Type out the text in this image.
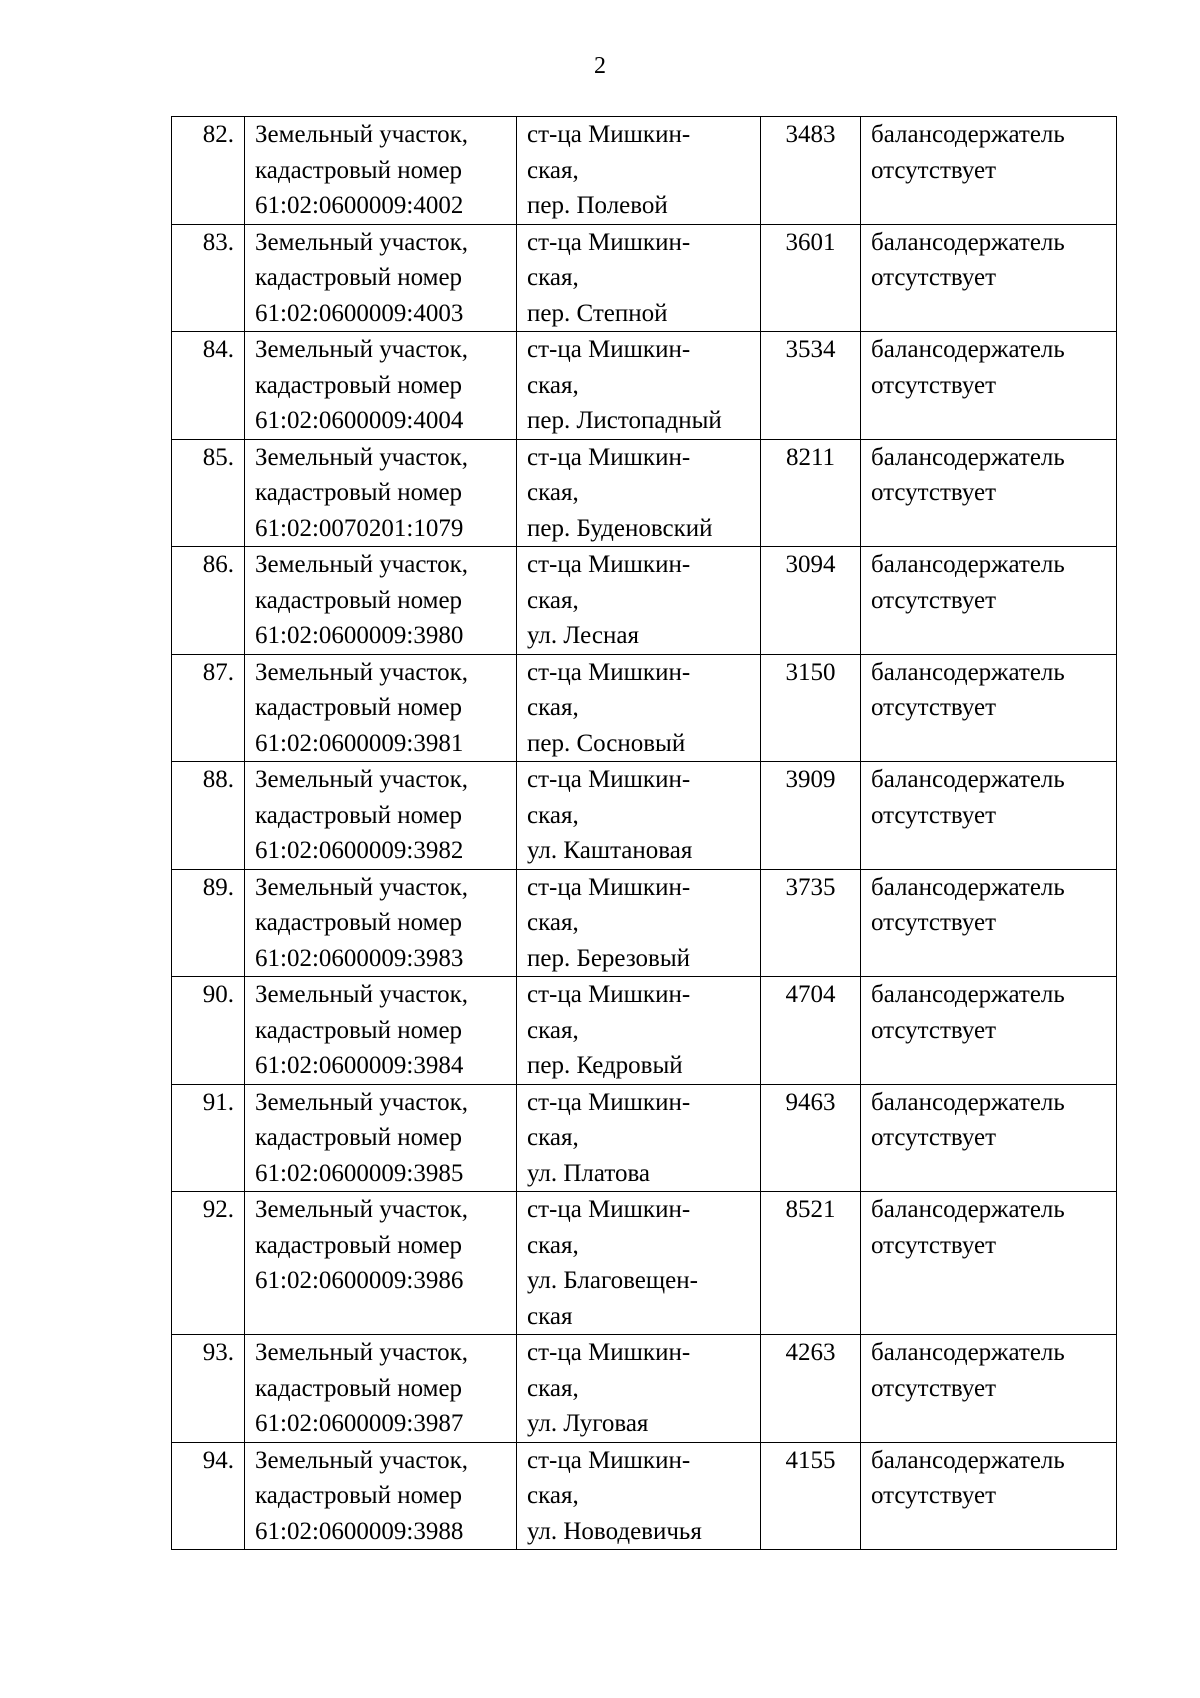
2
82.	Земельный участок,
кадастровый номер
61:02:0600009:4002	ст-ца Мишкин-
ская,
пер. Полевой	3483	балансодержатель
отсутствует

83.	Земельный участок,
кадастровый номер
61:02:0600009:4003	ст-ца Мишкин-
ская,
пер. Степной	3601	балансодержатель
отсутствует

84.	Земельный участок,
кадастровый номер
61:02:0600009:4004	ст-ца Мишкин-
ская,
пер. Листопадный	3534	балансодержатель
отсутствует

85.	Земельный участок,
кадастровый номер
61:02:0070201:1079	ст-ца Мишкин-
ская,
пер. Буденовский	8211	балансодержатель
отсутствует

86.	Земельный участок,
кадастровый номер
61:02:0600009:3980	ст-ца Мишкин-
ская,
ул. Лесная	3094	балансодержатель
отсутствует

87.	Земельный участок,
кадастровый номер
61:02:0600009:3981	ст-ца Мишкин-
ская,
пер. Сосновый	3150	балансодержатель
отсутствует

88.	Земельный участок,
кадастровый номер
61:02:0600009:3982	ст-ца Мишкин-
ская,
ул. Каштановая	3909	балансодержатель
отсутствует

89.	Земельный участок,
кадастровый номер
61:02:0600009:3983	ст-ца Мишкин-
ская,
пер. Березовый	3735	балансодержатель
отсутствует

90.	Земельный участок,
кадастровый номер
61:02:0600009:3984	ст-ца Мишкин-
ская,
пер. Кедровый	4704	балансодержатель
отсутствует

91.	Земельный участок,
кадастровый номер
61:02:0600009:3985	ст-ца Мишкин-
ская,
ул. Платова	9463	балансодержатель
отсутствует

92.	Земельный участок,
кадастровый номер
61:02:0600009:3986	ст-ца Мишкин-
ская,
ул. Благовещен-
ская	8521	балансодержатель
отсутствует

93.	Земельный участок,
кадастровый номер
61:02:0600009:3987	ст-ца Мишкин-
ская,
ул. Луговая	4263	балансодержатель
отсутствует

94.	Земельный участок,
кадастровый номер
61:02:0600009:3988	ст-ца Мишкин-
ская,
ул. Новодевичья	4155	балансодержатель
отсутствует
